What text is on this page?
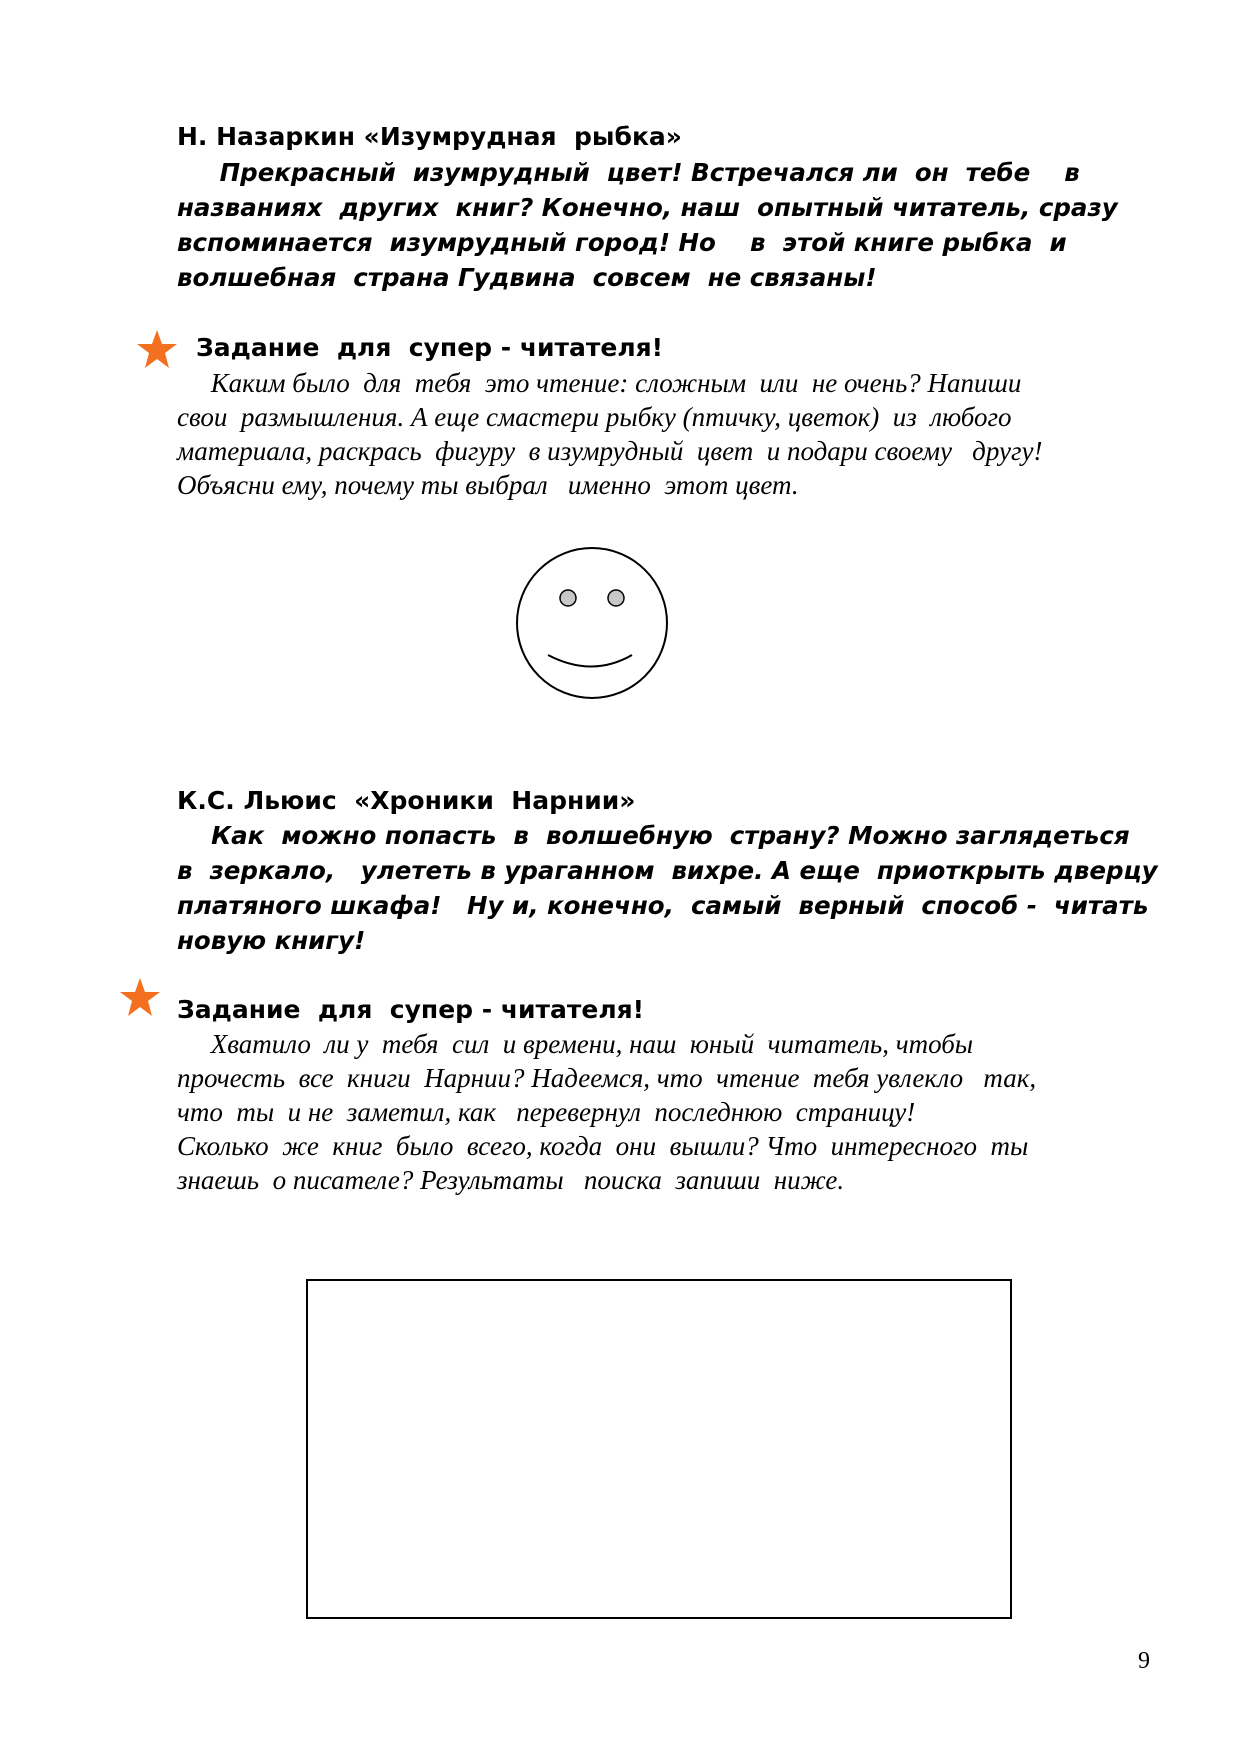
Н. Назаркин «Изумрудная  рыбка»
Прекрасный  изумрудный  цвет! Встречался ли  он  тебе    в
названиях  других  книг? Конечно, наш  опытный читатель, сразу
вспоминается  изумрудный город! Но    в  этой книге рыбка  и
волшебная  страна Гудвина  совсем  не связаны!
Задание  для  супер - читателя!
Каким было  для  тебя  это чтение: сложным  или  не очень? Напиши
свои  размышления. А еще смастери рыбку (птичку, цветок)  из  любого
материала, раскрась  фигуру  в изумрудный  цвет  и подари своему   другу!
Объясни ему, почему ты выбрал   именно  этот цвет.
К.С. Льюис  «Хроники  Нарнии»
Как  можно попасть  в  волшебную  страну? Можно заглядеться
в  зеркало,   улететь в ураганном  вихре. А еще  приоткрыть дверцу
платяного шкафа!   Ну и, конечно,  самый  верный  способ -  читать
новую книгу!
Задание  для  супер - читателя!
Хватило  ли у  тебя  сил  и времени, наш  юный  читатель, чтобы
прочесть  все  книги  Нарнии? Надеемся, что  чтение  тебя увлекло   так,
что  ты  и не  заметил, как   перевернул  последнюю  страницу!
Сколько  же  книг  было  всего, когда  они  вышли? Что  интересного  ты
знаешь  о писателе? Результаты   поиска  запиши  ниже.
9
